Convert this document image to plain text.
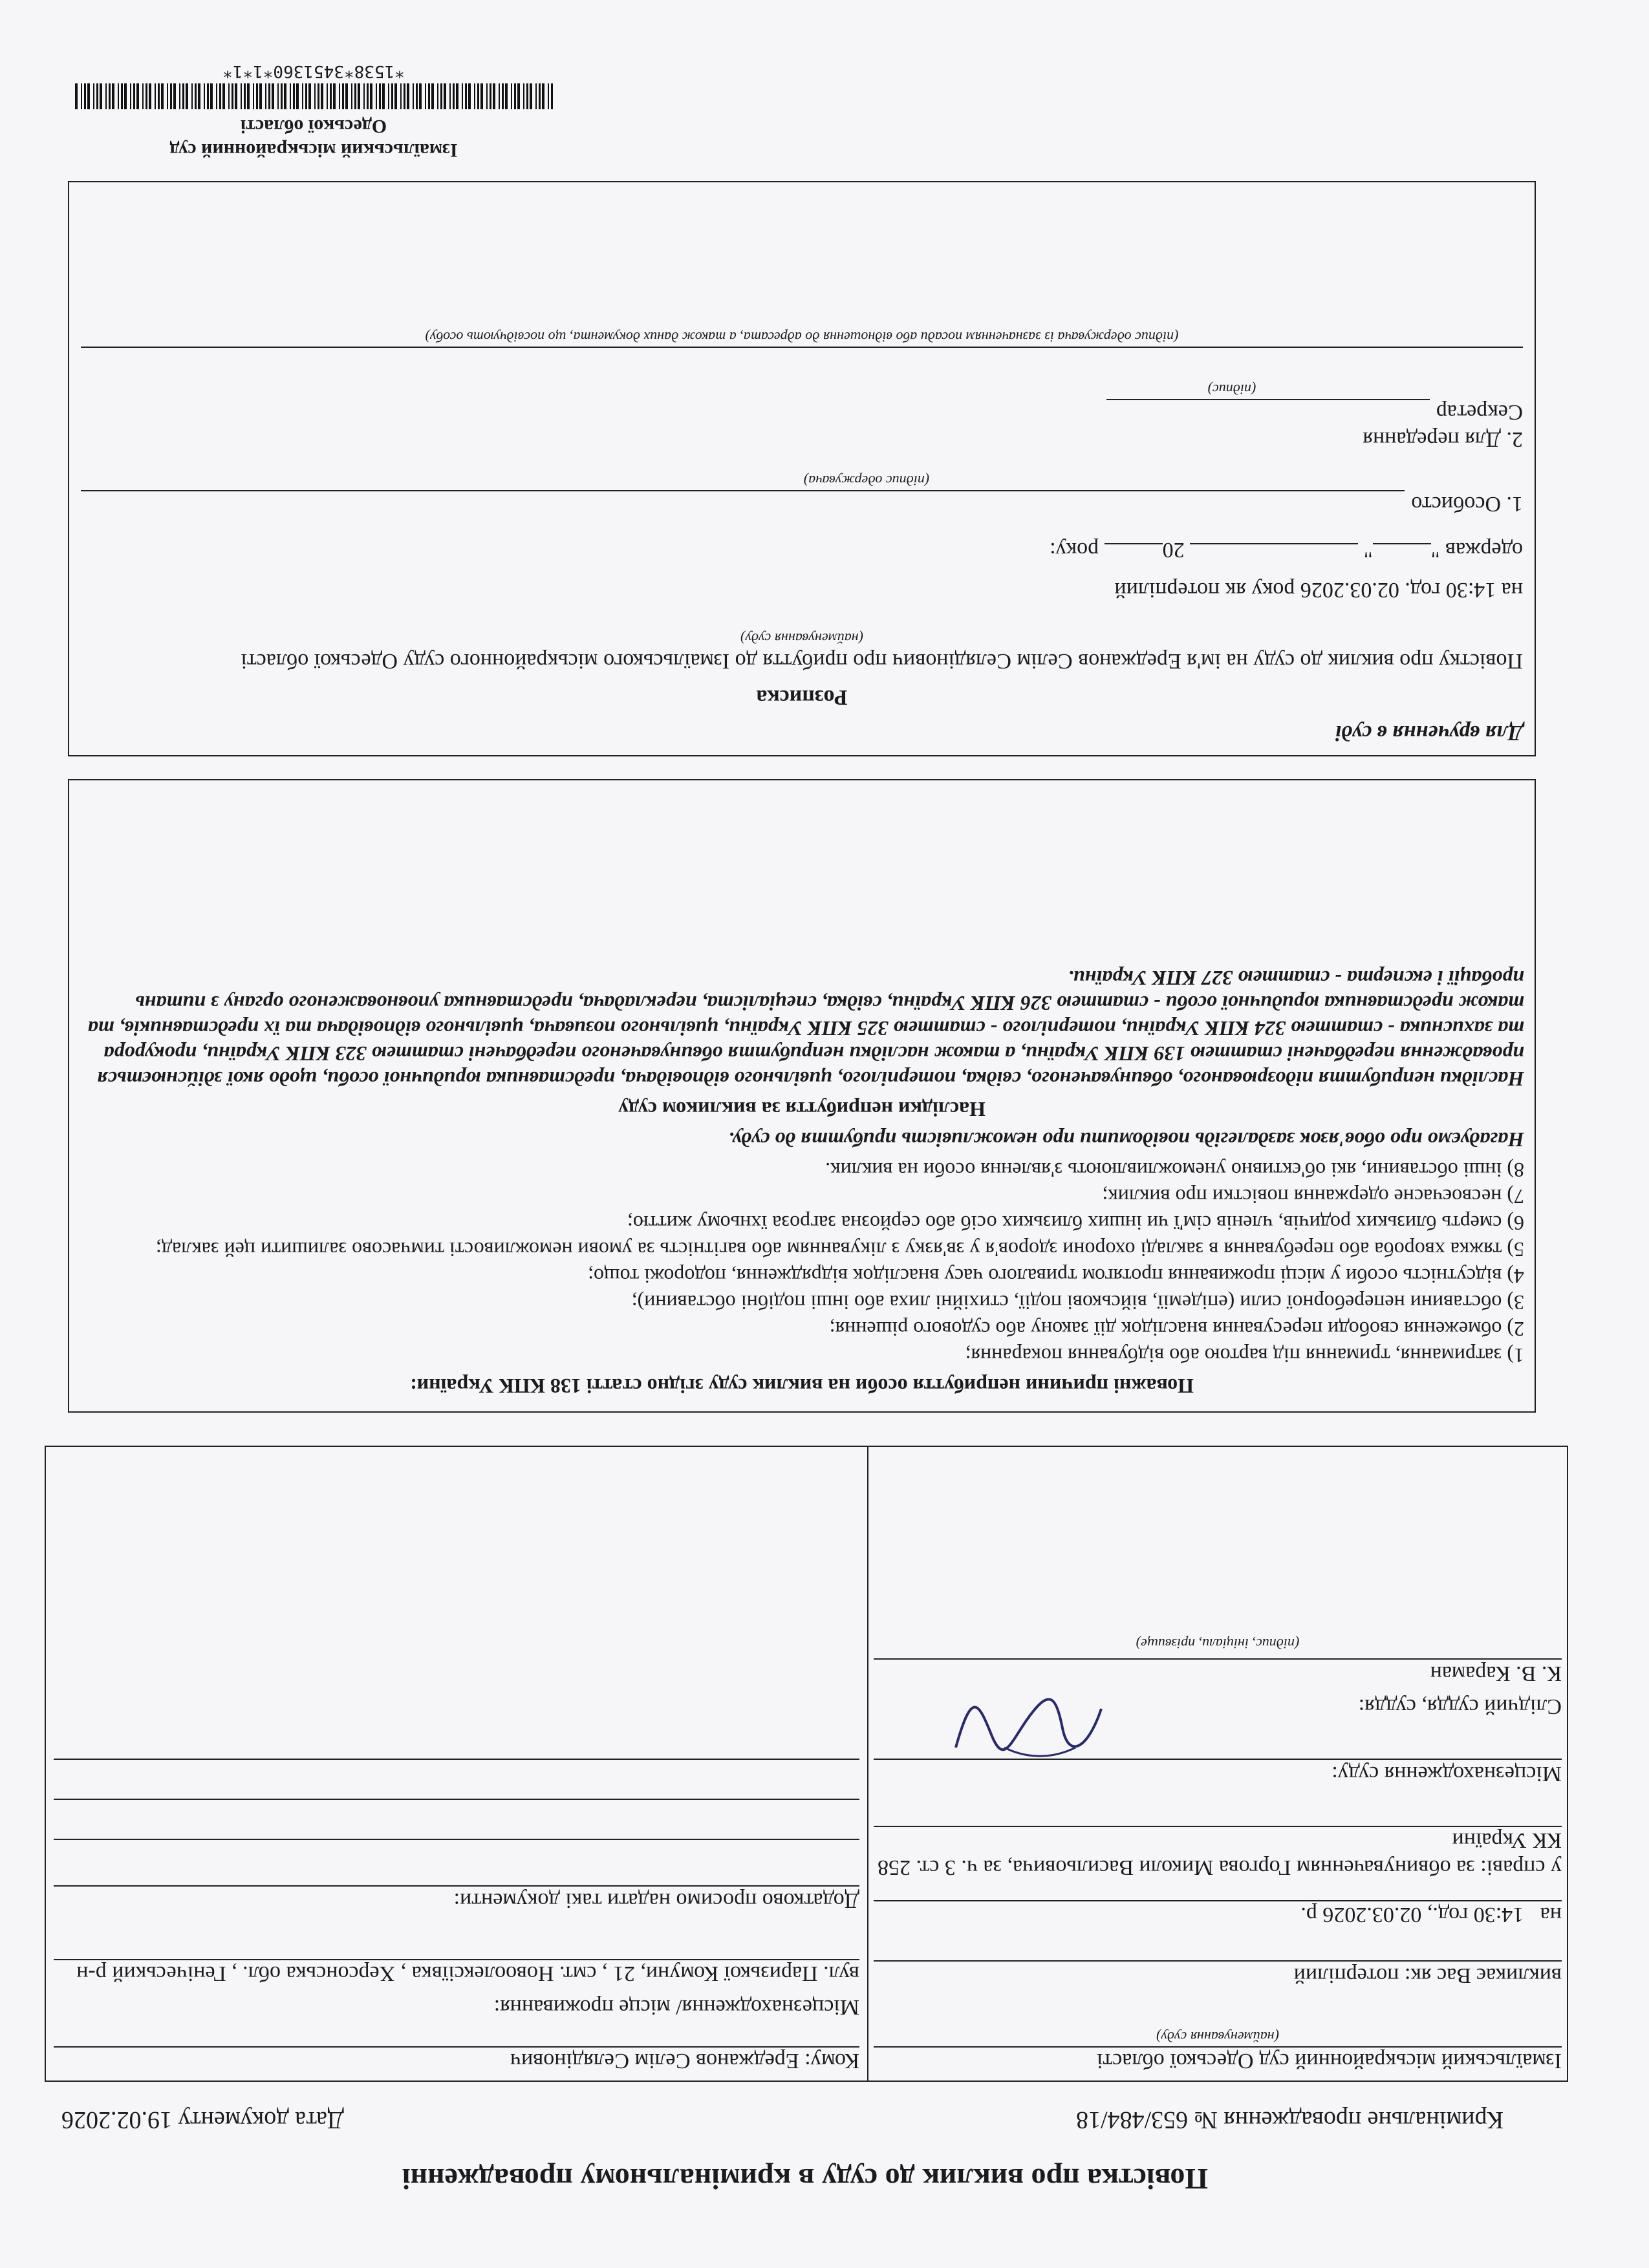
Повістка про виклик до суду в кримінальному провадженні
Кримінальне провадження № 653/484/18
Дата документу 19.02.2026
Ізмаїльський міськрайонний суд Одеської області
(найменування суду)
викликає Вас як: потерпілий
на   14:30 год., 02.03.2026 р.
у справі: за обвинуваченням Горгова Миколи Васильовича, за ч. 3 ст. 258 КК України
Місцезнаходження суду:
Слідчий суддя, суддя:
К. В. Караман
(підпис, ініціали, прізвище)
Кому: Ереджанов Селім Селядінович
Місцезнаходження/ місце проживання:
вул. Паризької Комуни, 21 , смт. Новоолексіївка , Херсонська обл. , Генічеський р-н
Додатково просимо надати такі документи:
Поважні причини неприбуття особи на виклик суду згідно статті 138 КПК України:

1) затримання, тримання під вартою або відбування покарання;

2) обмеження свободи пересування внаслідок дії закону або судового рішення;

3) обставини непереборної сили (епідемії, військові події, стихійні лиха або інші подібні обставини);

4) відсутність особи у місці проживання протягом тривалого часу внаслідок відрядження, подорожі тощо;

5) тяжка хвороба або перебування в закладі охорони здоров'я у зв'язку з лікуванням або вагітність за умови неможливості тимчасово залишити цей заклад;

6) смерть близьких родичів, членів сім'ї чи інших близьких осіб або серйозна загроза їхньому життю;

7) несвоєчасне одержання повістки про виклик;

8) інші обставини, які об'єктивно унеможливлюють з'явлення особи на виклик.

Нагадуємо про обов'язок заздалегідь повідомити про неможливість прибуття до суду.

Наслідки неприбуття за викликом суду

Наслідки неприбуття підозрюваного, обвинуваченого, свідка, потерпілого, цивільного відповідача, представника юридичної особи, щодо якої здійснюється провадження передбачені статтею 139 КПК України, а також наслідки неприбуття обвинуваченого передбачені статтею 323 КПК України, прокурора та захисника - статтею 324 КПК України, потерпілого - статтею 325 КПК України, цивільного позивача, цивільного відповідача та їх представників, та також представника юридичної особи - статтею 326 КПК України, свідка, спеціаліста, перекладача, представника уповноваженого органу з питань пробації і експерта - статтею 327 КПК України.

Для вручення в суді
Розписка
Повістку про виклик до суду на ім'я Ереджанов Селім Селядінович про прибуття до Ізмаїльського міськрайонного суду Одеської області
(найменування суду)
на 14:30 год. 02.03.2026 року як потерпілий
одержав ""  20 року:
1. Особисто
(підпис одержувача)
2. Для передання
Секретар
(підпис)
(підпис одержувача із зазначенням посади або відношення до адресата, а також даних документа, що посвідчують особу)
Ізмаїльський міськрайонний суд
Одеської області
*1538*3451360*1*1*
